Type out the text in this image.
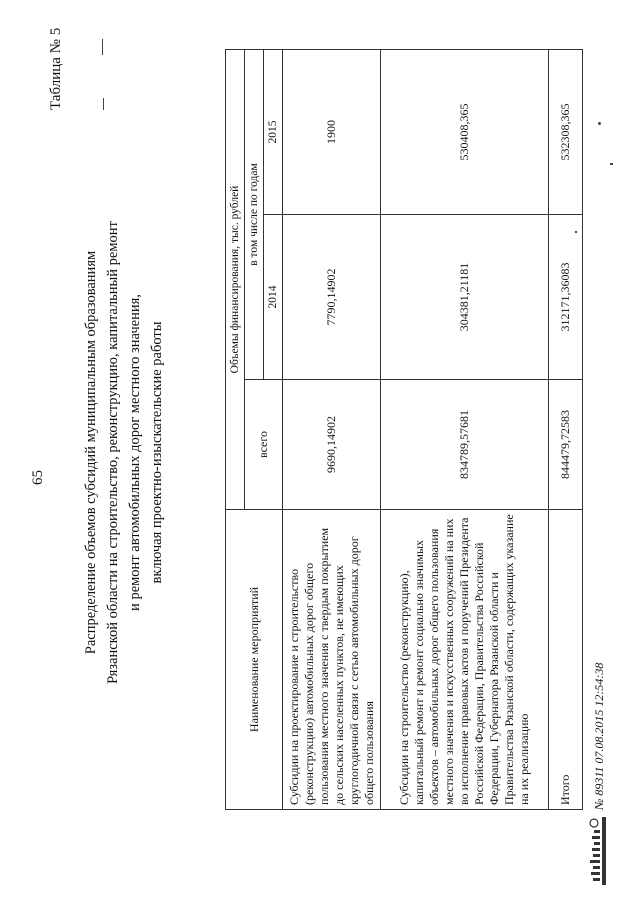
65
Таблица № 5
Распределение объемов субсидий муниципальным образованиям Рязанской области на строительство, реконструкцию, капитальный ремонт и ремонт автомобильных дорог местного значения, включая проектно-изыскательские работы
Наименование мероприятий	Объемы финансирования, тыс. рублей		
	всего	в том числе по годам	
		2014	2015
Субсидии на проектирование и строительство (реконструкцию) автомобильных дорог общего пользования местного значения с твердым покрытием до сельских населенных пунктов, не имеющих круглогодичной связи с сетью автомобильных дорог общего пользования	9690,14902	7790,14902	1900
Субсидии на строительство (реконструкцию), капитальный ремонт и ремонт социально значимых объектов – автомобильных дорог общего пользования местного значения и искусственных сооружений на них во исполнение правовых актов и поручений Президента Российской Федерации, Правительства Российской Федерации, Губернатора Рязанской области и Правительства Рязанской области, содержащих указание на их реализацию	834789,57681	304381,21181	530408,365
Итого	844479,72583	312171,36083	532308,365
№ 89311 07.08.2015 12:54:38
